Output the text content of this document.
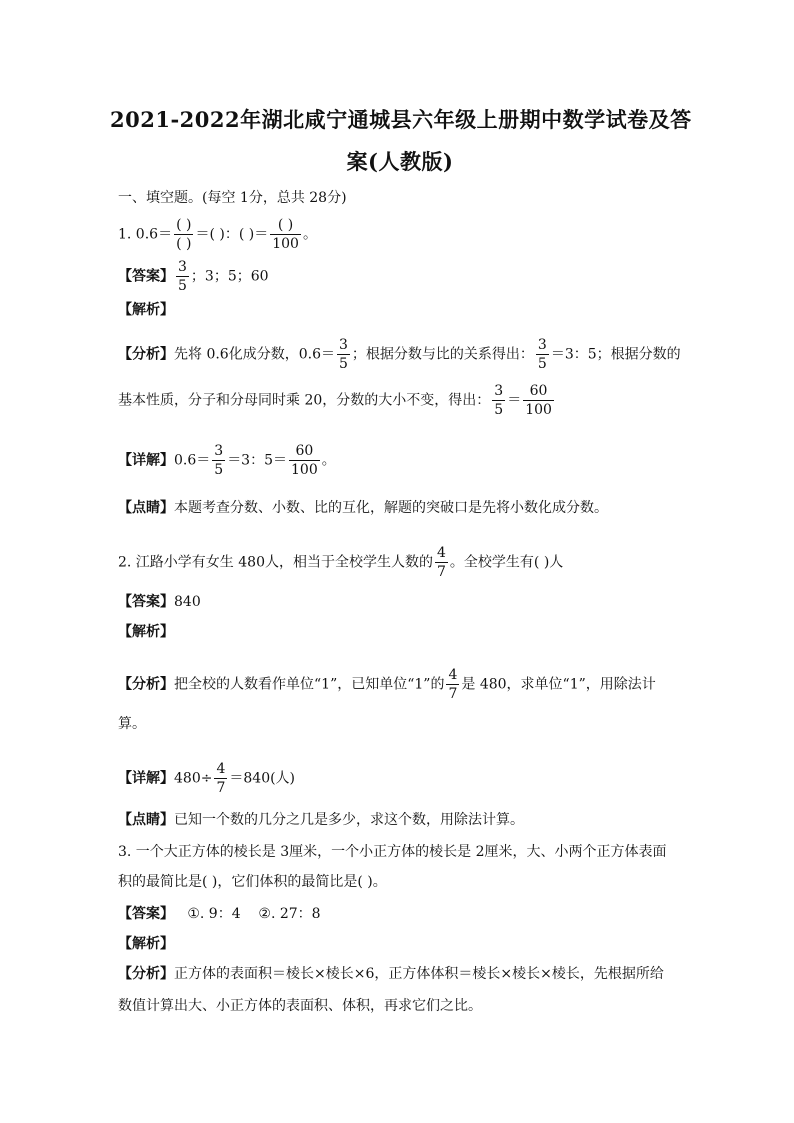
2021-2022年湖北咸宁通城县六年级上册期中数学试卷及答
案(人教版)
一、填空题。(每空 1分，总共 28分)
1. $0.6= \frac{( )}{( )}$ ＝( )：( )＝ $\frac{( )}{100}$ 。
【答案】 $\frac{3}{5}$ ；3；5；60
【解析】
【分析】先将 0.6化成分数，$0.6= \frac{3}{5}$ ；根据分数与比的关系得出： $\frac{3}{5} =3$：5；根据分数的
基本性质，分子和分母同时乘 20，分数的大小不变，得出： $\frac{3}{5} = \frac{60}{100}$
【详解】$0.6= \frac{3}{5} =3$：$5= \frac{60}{100}$ 。
【点睛】本题考查分数、小数、比的互化，解题的突破口是先将小数化成分数。
2. 江路小学有女生 480人，相当于全校学生人数的 $\frac{4}{7}$ 。全校学生有( )人
【答案】840
【解析】
【分析】把全校的人数看作单位“1”，已知单位“1”的 $\frac{4}{7}$ 是 480，求单位“1”，用除法计
算。
【详解】$480\div \frac{4}{7} =840$(人)
【点睛】已知一个数的几分之几是多少，求这个数，用除法计算。
3. 一个大正方体的棱长是 3厘米，一个小正方体的棱长是 2厘米，大、小两个正方体表面
积的最简比是( )，它们体积的最简比是( )。
【答案】   ①. 9：4    ②. 27：8
【解析】
【分析】正方体的表面积＝棱长×棱长×6，正方体体积＝棱长×棱长×棱长，先根据所给
数值计算出大、小正方体的表面积、体积，再求它们之比。
